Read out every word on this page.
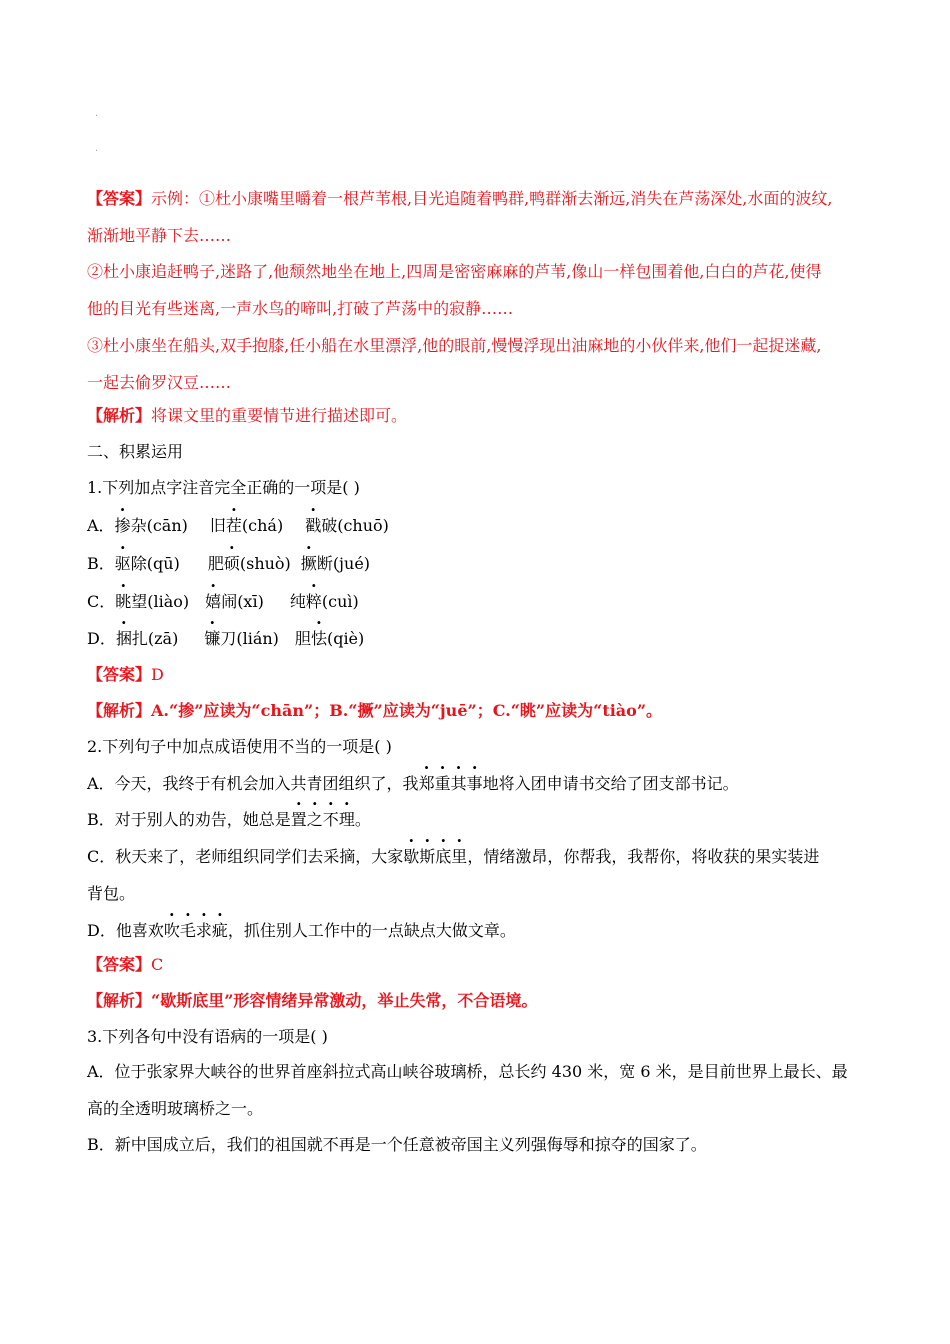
.
.
【答案】示例：①杜小康嘴里嚼着一根芦苇根,目光追随着鸭群,鸭群渐去渐远,消失在芦荡深处,水面的波纹,
渐渐地平静下去……
②杜小康追赶鸭子,迷路了,他颓然地坐在地上,四周是密密麻麻的芦苇,像山一样包围着他,白白的芦花,使得
他的目光有些迷离,一声水鸟的啼叫,打破了芦荡中的寂静……
③杜小康坐在船头,双手抱膝,任小船在水里漂浮,他的眼前,慢慢浮现出油麻地的小伙伴来,他们一起捉迷藏,
一起去偷罗汉豆……
【解析】将课文里的重要情节进行描述即可。
二、积累运用
1.下列加点字注音完全正确的一项是( )
A．掺杂(cān) 旧茬(chá) 戳破(chuō)
B．驱除(qū) 肥硕(shuò) 撅断(jué)
C．眺望(liào) 嬉闹(xī) 纯粹(cuì)
D．捆扎(zā) 镰刀(lián) 胆怯(qiè)
【答案】D
【解析】A.“掺”应读为“chān”；B.“撅”应读为“juē”；C.“眺”应读为“tiào”。
2.下列句子中加点成语使用不当的一项是( )
A．今天，我终于有机会加入共青团组织了，我郑重其事地将入团申请书交给了团支部书记。
B．对于别人的劝告，她总是置之不理。
C．秋天来了，老师组织同学们去采摘，大家歇斯底里，情绪激昂，你帮我，我帮你，将收获的果实装进
背包。
D．他喜欢吹毛求疵，抓住别人工作中的一点缺点大做文章。
【答案】C
【解析】“歇斯底里”形容情绪异常激动，举止失常，不合语境。
3.下列各句中没有语病的一项是( )
A．位于张家界大峡谷的世界首座斜拉式高山峡谷玻璃桥，总长约 430 米，宽 6 米，是目前世界上最长、最
高的全透明玻璃桥之一。
B．新中国成立后，我们的祖国就不再是一个任意被帝国主义列强侮辱和掠夺的国家了。
